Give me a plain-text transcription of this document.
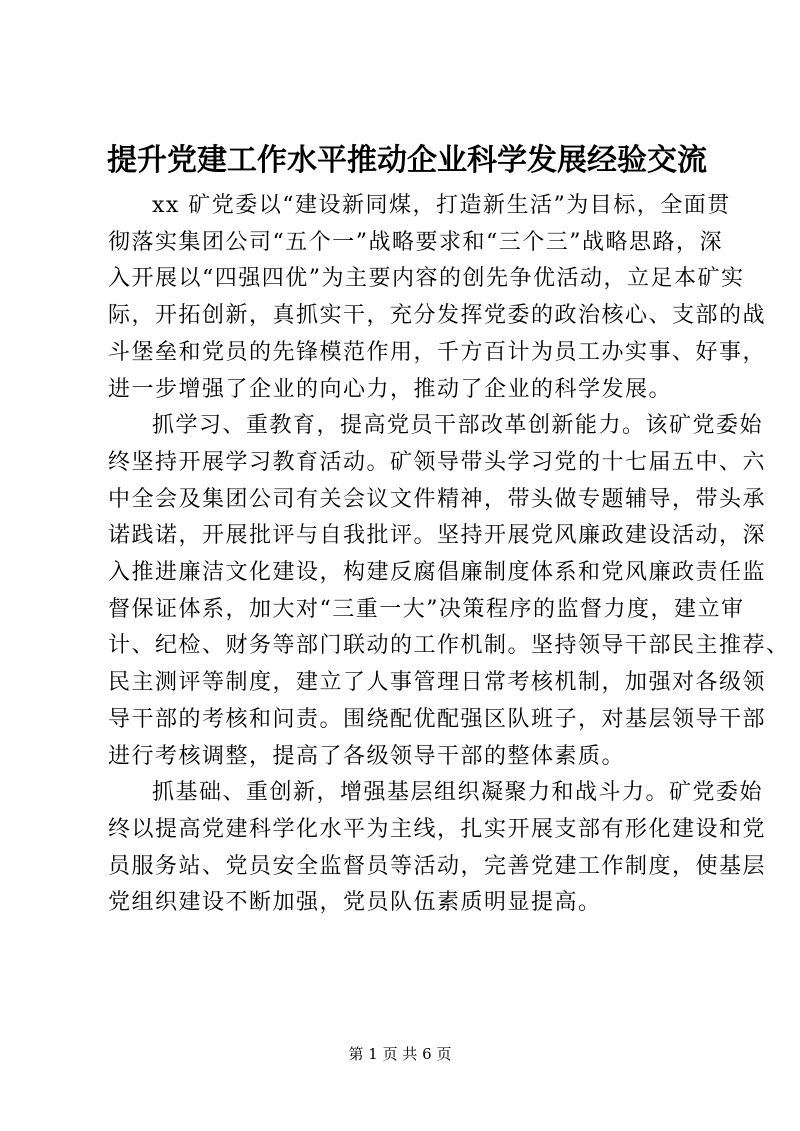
提升党建工作水平推动企业科学发展经验交流

xx 矿党委以“建设新同煤，打造新生活”为目标，全面贯
彻落实集团公司“五个一”战略要求和“三个三”战略思路，深
入开展以“四强四优”为主要内容的创先争优活动，立足本矿实
际，开拓创新，真抓实干，充分发挥党委的政治核心、支部的战
斗堡垒和党员的先锋模范作用，千方百计为员工办实事、好事，
进一步增强了企业的向心力，推动了企业的科学发展。

抓学习、重教育，提高党员干部改革创新能力。该矿党委始
终坚持开展学习教育活动。矿领导带头学习党的十七届五中、六
中全会及集团公司有关会议文件精神，带头做专题辅导，带头承
诺践诺，开展批评与自我批评。坚持开展党风廉政建设活动，深
入推进廉洁文化建设，构建反腐倡廉制度体系和党风廉政责任监
督保证体系，加大对“三重一大”决策程序的监督力度，建立审
计、纪检、财务等部门联动的工作机制。坚持领导干部民主推荐、
民主测评等制度，建立了人事管理日常考核机制，加强对各级领
导干部的考核和问责。围绕配优配强区队班子，对基层领导干部
进行考核调整，提高了各级领导干部的整体素质。

抓基础、重创新，增强基层组织凝聚力和战斗力。矿党委始
终以提高党建科学化水平为主线，扎实开展支部有形化建设和党
员服务站、党员安全监督员等活动，完善党建工作制度，使基层
党组织建设不断加强，党员队伍素质明显提高。

第 1 页 共 6 页
